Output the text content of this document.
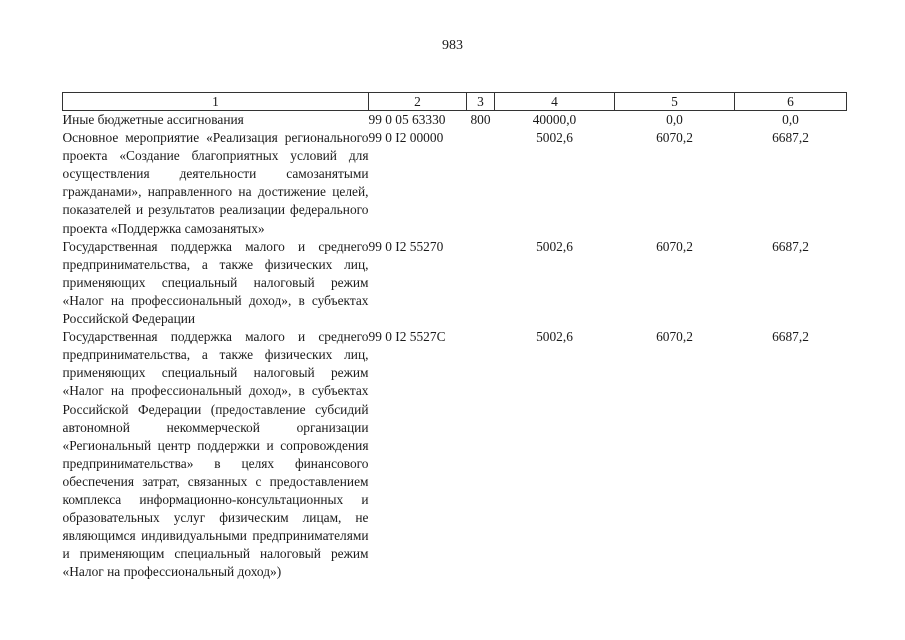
983
1	2	3	4	5	6
Иные бюджетные ассигнования	99 0 05 63330	800	40000,0	0,0	0,0
Основное мероприятие «Реализация регионального проекта «Создание благоприятных условий для осуществления деятельности самозанятыми гражданами», направленного на достижение целей, показателей и результатов реализации федерального проекта «Поддержка самозанятых»	99 0 I2 00000		5002,6	6070,2	6687,2
Государственная поддержка малого и среднего предпринимательства, а также физических лиц, применяющих специальный налоговый режим «Налог на профессиональный доход», в субъектах Российской Федерации	99 0 I2 55270		5002,6	6070,2	6687,2
Государственная поддержка малого и среднего предпринимательства, а также физических лиц, применяющих специальный налоговый режим «Налог на профессиональный доход», в субъектах Российской Федерации (предоставление субсидий автономной некоммерческой организации «Региональный центр поддержки и сопровождения предпринимательства» в целях финансового обеспечения затрат, связанных с предоставлением комплекса информационно-консультационных и образовательных услуг физическим лицам, не являющимся индивидуальными предпринимателями и применяющим специальный налоговый режим «Налог на профессиональный доход»)	99 0 I2 5527C		5002,6	6070,2	6687,2
